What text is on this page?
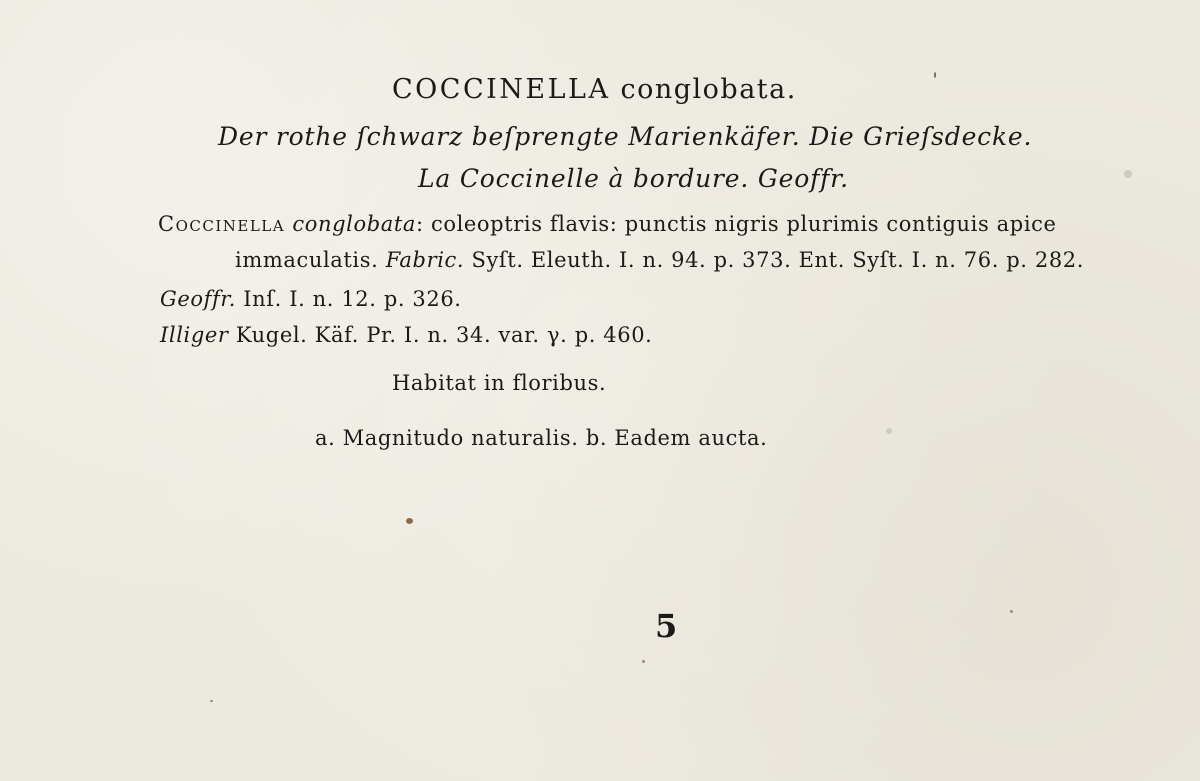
COCCINELLA conglobata.
Der rothe ſchwarz beſprengte Marienkäfer. Die Grieſsdecke.
La Coccinelle à bordure. Geoffr.
Coccinella conglobata: coleoptris flavis: punctis nigris plurimis contiguis apice
immaculatis. Fabric. Syſt. Eleuth. I. n. 94. p. 373. Ent. Syſt. I. n. 76. p. 282.
Geoffr. Inſ. I. n. 12. p. 326.
Illiger Kugel. Käf. Pr. I. n. 34. var. γ. p. 460.
Habitat in floribus.
a. Magnitudo naturalis. b. Eadem aucta.
5
